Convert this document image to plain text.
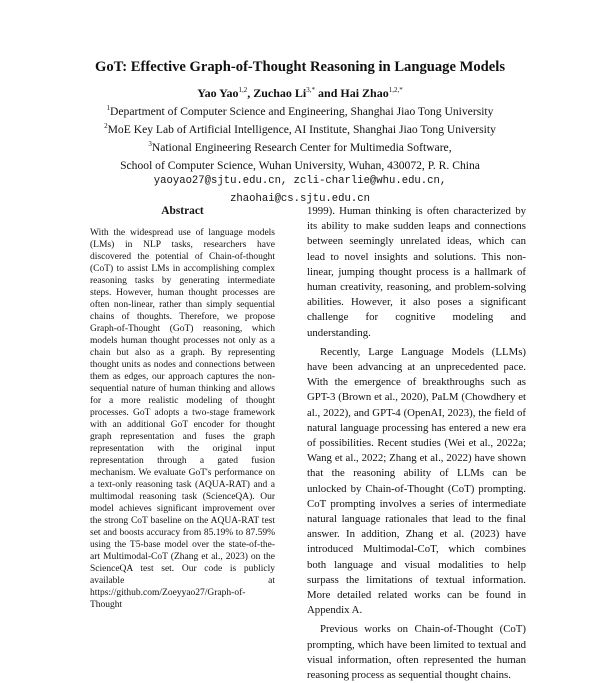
GoT: Effective Graph-of-Thought Reasoning in Language Models
Yao Yao$^{1,2}$, Zuchao $Li^{3,*}$ and Hai Zhao$^{1,2,*}$
$^1$Department of Computer Science and Engineering, Shanghai Jiao Tong University
$^2$MoE Key Lab of Artificial Intelligence, AI Institute, Shanghai Jiao Tong University
$^3$National Engineering Research Center for Multimedia Software,
School of Computer Science, Wuhan University, Wuhan, 430072, P. R. China
yaoyao27@sjtu.edu.cn, zcli-charlie@whu.edu.cn,
zhaohai@cs.sjtu.edu.cn
Abstract

With the widespread use of language models (LMs) in NLP tasks, researchers have discovered the potential of Chain-of-thought (CoT) to assist LMs in accomplishing complex reasoning tasks by generating intermediate steps. However, human thought processes are often non-linear, rather than simply sequential chains of thoughts. Therefore, we propose Graph-of-Thought (GoT) reasoning, which models human thought processes not only as a chain but also as a graph. By representing thought units as nodes and connections between them as edges, our approach captures the non-sequential nature of human thinking and allows for a more realistic modeling of thought processes. GoT adopts a two-stage framework with an additional GoT encoder for thought graph representation and fuses the graph representation with the original input representation through a gated fusion mechanism. We evaluate GoT's performance on a text-only reasoning task (AQUA-RAT) and a multimodal reasoning task (ScienceQA). Our model achieves significant improvement over the strong CoT baseline on the AQUA-RAT test set and boosts accuracy from 85.19% to 87.59% using the T5-base model over the state-of-the-art Multimodal-CoT (Zhang et al., 2023) on the ScienceQA test set. Our code is publicly available at https://github.com/Zoeyyao27/Graph-of-Thought

1999). Human thinking is often characterized by its ability to make sudden leaps and connections between seemingly unrelated ideas, which can lead to novel insights and solutions. This non-linear, jumping thought process is a hallmark of human creativity, reasoning, and problem-solving abilities. However, it also poses a significant challenge for cognitive modeling and understanding.

Recently, Large Language Models (LLMs) have been advancing at an unprecedented pace. With the emergence of breakthroughs such as GPT-3 (Brown et al., 2020), PaLM (Chowdhery et al., 2022), and GPT-4 (OpenAI, 2023), the field of natural language processing has entered a new era of possibilities. Recent studies (Wei et al., 2022a; Wang et al., 2022; Zhang et al., 2022) have shown that the reasoning ability of LLMs can be unlocked by Chain-of-Thought (CoT) prompting. CoT prompting involves a series of intermediate natural language rationales that lead to the final answer. In addition, Zhang et al. (2023) have introduced Multimodal-CoT, which combines both language and visual modalities to help surpass the limitations of textual information. More detailed related works can be found in Appendix A.

Previous works on Chain-of-Thought (CoT) prompting, which have been limited to textual and visual information, often represented the human reasoning process as sequential thought chains.
